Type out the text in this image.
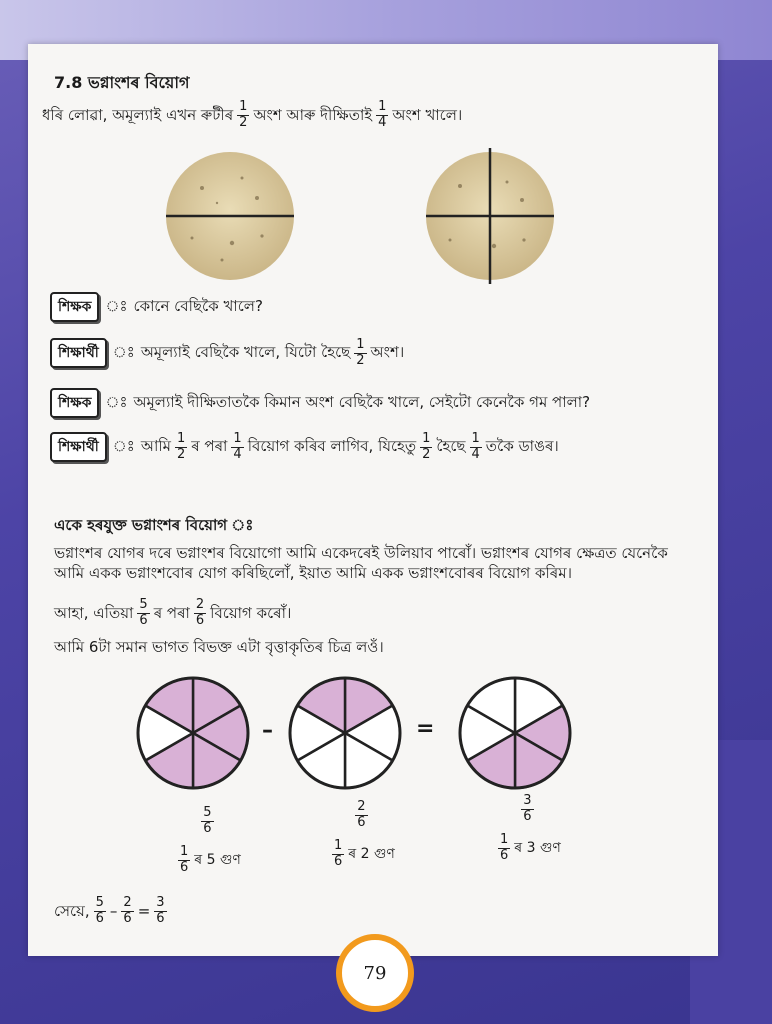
7.8 ভগ্নাংশৰ বিয়োগ
ধৰি লোৱা, অমূল্যাই এখন ৰুটীৰ $\frac{1}{2}$ অংশ আৰু দীক্ষিতাই $\frac{1}{4}$ অংশ খালে।
শিক্ষক ঃ কোনে বেছিকৈ খালে?
শিক্ষাৰ্থী ঃ অমূল্যাই বেছিকৈ খালে, যিটো হৈছে $\frac{1}{2}$ অংশ।
শিক্ষক ঃ অমূল্যাই দীক্ষিতাতকৈ কিমান অংশ বেছিকৈ খালে, সেইটো কেনেকৈ গম পালা?
শিক্ষাৰ্থী ঃ আমি $\frac{1}{2}$ ৰ পৰা $\frac{1}{4}$ বিয়োগ কৰিব লাগিব, যিহেতু $\frac{1}{2}$ হৈছে $\frac{1}{4}$ তকৈ ডাঙৰ।
একে হৰযুক্ত ভগ্নাংশৰ বিয়োগ ঃ
ভগ্নাংশৰ যোগৰ দৰে ভগ্নাংশৰ বিয়োগো আমি একেদৰেই উলিয়াব পাৰোঁ। ভগ্নাংশৰ যোগৰ ক্ষেত্ৰত যেনেকৈ আমি একক ভগ্নাংশবোৰ যোগ কৰিছিলোঁ, ইয়াত আমি একক ভগ্নাংশবোৰৰ বিয়োগ কৰিম।
আহা, এতিয়া $\frac{5}{6}$ ৰ পৰা $\frac{2}{6}$ বিয়োগ কৰোঁ।
আমি 6টা সমান ভাগত বিভক্ত এটা বৃত্তাকৃতিৰ চিত্ৰ লওঁ।
–	=
$\frac{5}{6}$
$\frac{1}{6}$ ৰ 5 গুণ
$\frac{2}{6}$
$\frac{1}{6}$ ৰ 2 গুণ
$\frac{3}{6}$
$\frac{1}{6}$ ৰ 3 গুণ
সেয়ে, $\frac{5}{6} - \frac{2}{6} = \frac{3}{6}$
79
